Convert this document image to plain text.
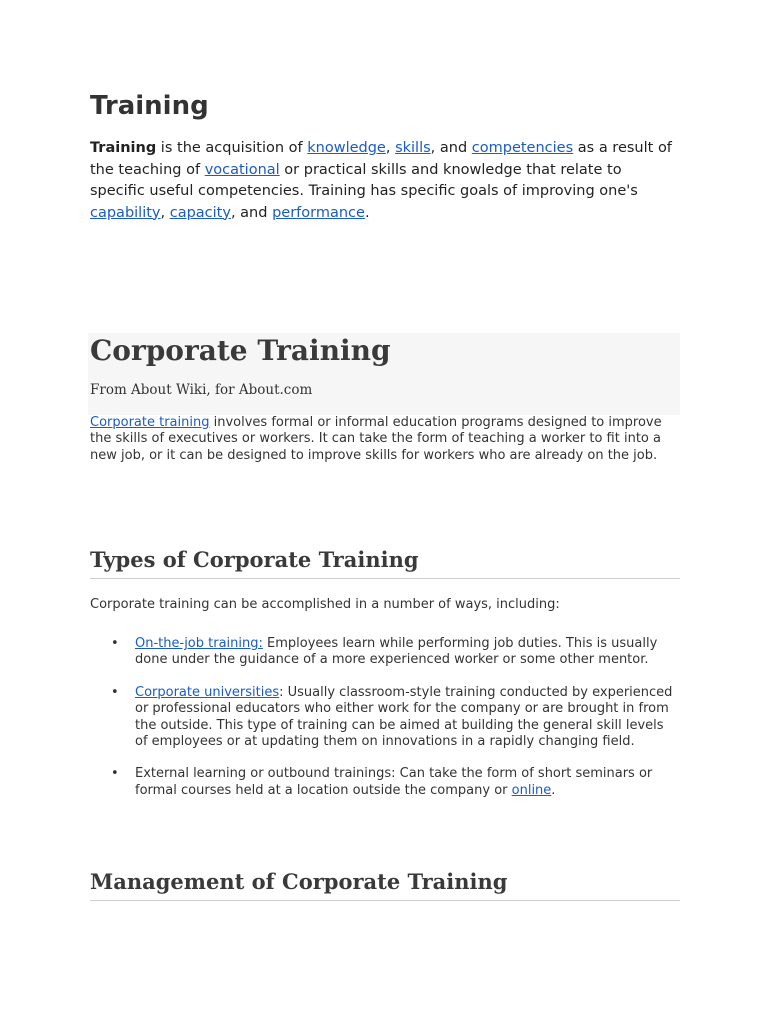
Training

Training is the acquisition of knowledge, skills, and competencies as a result of the teaching of vocational or practical skills and knowledge that relate to specific useful competencies. Training has specific goals of improving one's capability, capacity, and performance.

Corporate Training

From About Wiki, for About.com

Corporate training involves formal or informal education programs designed to improve the skills of executives or workers. It can take the form of teaching a worker to fit into a new job, or it can be designed to improve skills for workers who are already on the job.

Types of Corporate Training

Corporate training can be accomplished in a number of ways, including:

• On-the-job training: Employees learn while performing job duties. This is usually done under the guidance of a more experienced worker or some other mentor.
• Corporate universities: Usually classroom-style training conducted by experienced or professional educators who either work for the company or are brought in from the outside. This type of training can be aimed at building the general skill levels of employees or at updating them on innovations in a rapidly changing field.
• External learning or outbound trainings: Can take the form of short seminars or formal courses held at a location outside the company or online.
Management of Corporate Training
